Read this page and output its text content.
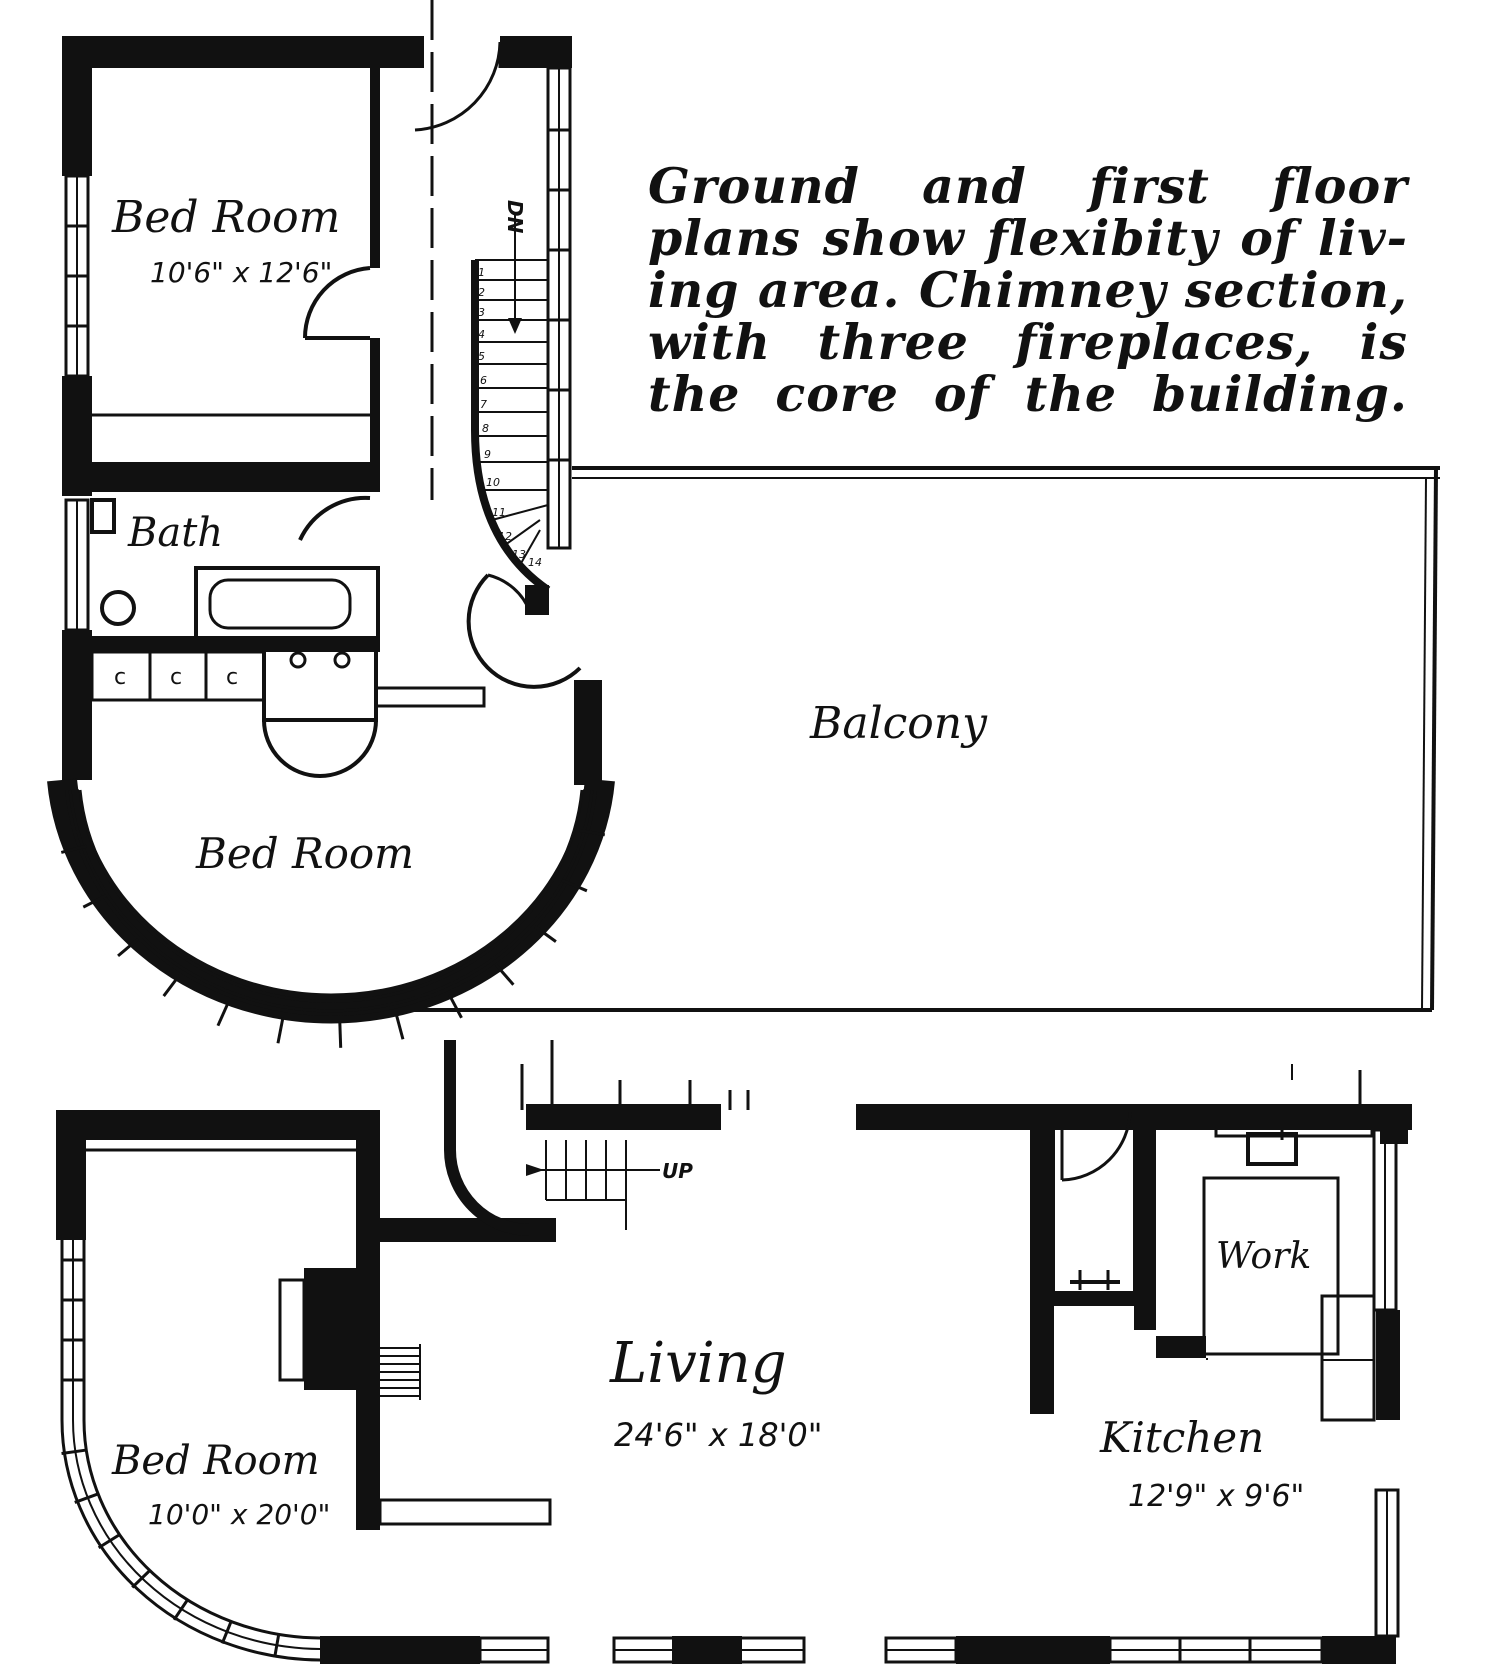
DN
1
2
3
4
5
6
7
8
9
10
11
12
13
14
c c c
UP
Bed Room
10'6" x 12'6"
Bath
Bed Room
Balcony
Bed Room
10'0" x 20'0"
Living
24'6" x 18'0"	Kitchen
12'9" x 9'6"
Work
Ground and first floor
plans show flexibity of liv-
ing area. Chimney section,
with three fireplaces, is
the core of the building.
